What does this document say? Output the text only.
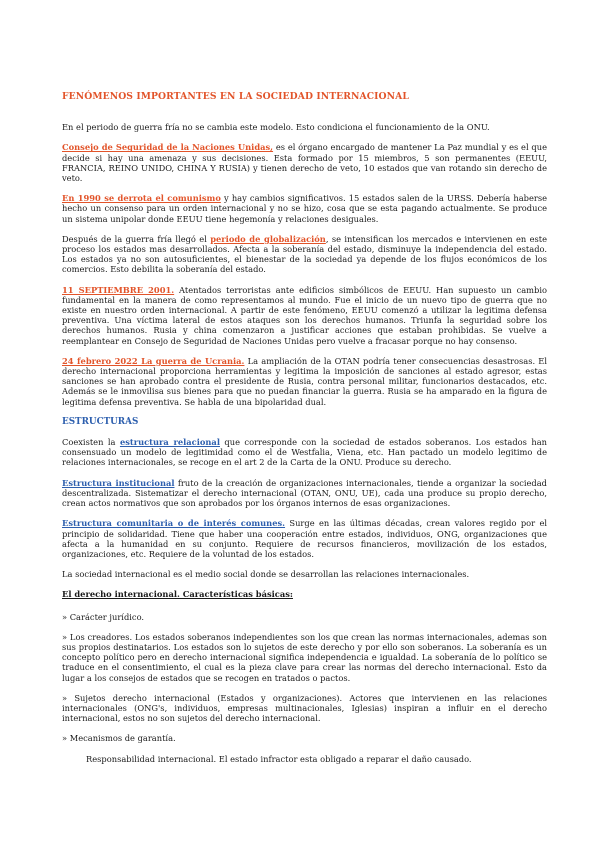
FENÓMENOS IMPORTANTES EN LA SOCIEDAD INTERNACIONAL

En el periodo de guerra fría no se cambia este modelo. Esto condiciona el funcionamiento de la ONU.

Consejo de Seguridad de la Naciones Unidas, es el órgano encargado de mantener La Paz mundial y es el que decide si hay una amenaza y sus decisiones. Esta formado por 15 miembros, 5 son permanentes (EEUU, FRANCIA, REINO UNIDO, CHINA Y RUSIA) y tienen derecho de veto, 10 estados que van rotando sin derecho de veto.

En 1990 se derrota el comunismo y hay cambios significativos. 15 estados salen de la URSS. Debería haberse hecho un consenso para un orden internacional y no se hizo, cosa que se esta pagando actualmente. Se produce un sistema unipolar donde EEUU tiene hegemonía y relaciones desiguales.

Después de la guerra fría llegó el periodo de globalización, se intensifican los mercados e intervienen en este proceso los estados mas desarrollados. Afecta a la soberanía del estado, disminuye la independencia del estado. Los estados ya no son autosuficientes, el bienestar de la sociedad ya depende de los flujos económicos de los comercios. Esto debilita la soberanía del estado.

11 SEPTIEMBRE 2001. Atentados terroristas ante edificios simbólicos de EEUU. Han supuesto un cambio fundamental en la manera de como representamos al mundo. Fue el inicio de un nuevo tipo de guerra que no existe en nuestro orden internacional. A partir de este fenómeno, EEUU comenzó a utilizar la legitima defensa preventiva. Una víctima lateral de estos ataques son los derechos humanos. Triunfa la seguridad sobre los derechos humanos. Rusia y china comenzaron a justificar acciones que estaban prohibidas. Se vuelve a reemplantear en Consejo de Seguridad de Naciones Unidas pero vuelve a fracasar porque no hay consenso.

24 febrero 2022 La guerra de Ucrania. La ampliación de la OTAN podría tener consecuencias desastrosas. El derecho internacional proporciona herramientas y legitima la imposición de sanciones al estado agresor, estas sanciones se han aprobado contra el presidente de Rusia, contra personal militar, funcionarios destacados, etc. Además se le inmovilisa sus bienes para que no puedan financiar la guerra. Rusia se ha amparado en la figura de legitima defensa preventiva. Se habla de una bipolaridad dual.

ESTRUCTURAS

Coexisten la estructura relacional que corresponde con la sociedad de estados soberanos. Los estados han consensuado un modelo de legitimidad como el de Westfalia, Viena, etc. Han pactado un modelo legitimo de relaciones internacionales, se recoge en el art 2 de la Carta de la ONU. Produce su derecho.

Estructura institucional fruto de la creación de organizaciones internacionales, tiende a organizar la sociedad descentralizada. Sistematizar el derecho internacional (OTAN, ONU, UE), cada una produce su propio derecho, crean actos normativos que son aprobados por los órganos internos de esas organizaciones.

Estructura comunitaria o de interés comunes. Surge en las últimas décadas, crean valores regido por el principio de solidaridad. Tiene que haber una cooperación entre estados, individuos, ONG, organizaciones que afecta a la humanidad en su conjunto. Requiere de recursos financieros, movilización de los estados, organizaciones, etc. Requiere de la voluntad de los estados.

La sociedad internacional es el medio social donde se desarrollan las relaciones internacionales.

El derecho internacional. Características básicas:
» Carácter jurídico.
» Los creadores. Los estados soberanos independientes son los que crean las normas internacionales, ademas son sus propios destinatarios. Los estados son lo sujetos de este derecho y por ello son soberanos. La soberanía es un concepto político pero en derecho internacional significa independencia e igualdad. La soberanía de lo político se traduce en el consentimiento, el cual es la pieza clave para crear las normas del derecho internacional. Esto da lugar a los consejos de estados que se recogen en tratados o pactos.
» Sujetos derecho internacional (Estados y organizaciones). Actores que intervienen en las relaciones internacionales (ONG's, individuos, empresas multinacionales, Iglesias) inspiran a influir en el derecho internacional, estos no son sujetos del derecho internacional.
» Mecanismos de garantía.
Responsabilidad internacional. El estado infractor esta obligado a reparar el daño causado.
